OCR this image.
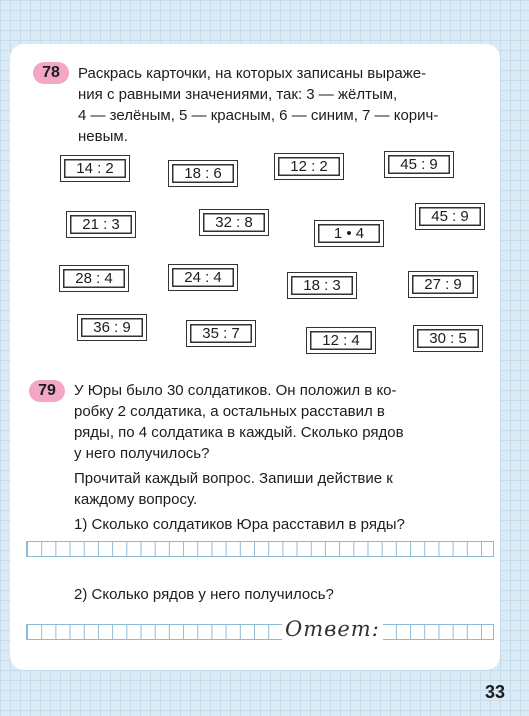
78 Раскрась карточки, на которых записаны выраже-

ния с равными значениями, так: 3 — жёлтым,

4 — зелёным, 5 — красным, 6 — синим, 7 — корич-

невым.

14 : 2	18 : 6	12 : 2	45 : 9
21 : 3	32 : 8
1 • 4
45 : 9
28 : 4	24 : 4	18 : 3	27 : 9
36 : 9	35 : 7	12 : 4	30 : 5
79 У Юры было 30 солдатиков. Он положил в ко-

робку 2 солдатика, а остальных расставил в

ряды, по 4 солдатика в каждый. Сколько рядов

у него получилось?

Прочитай каждый вопрос. Запиши действие к

каждому вопросу.

1) Сколько солдатиков Юра расставил в ряды?

2) Сколько рядов у него получилось?

Ответ:
33
